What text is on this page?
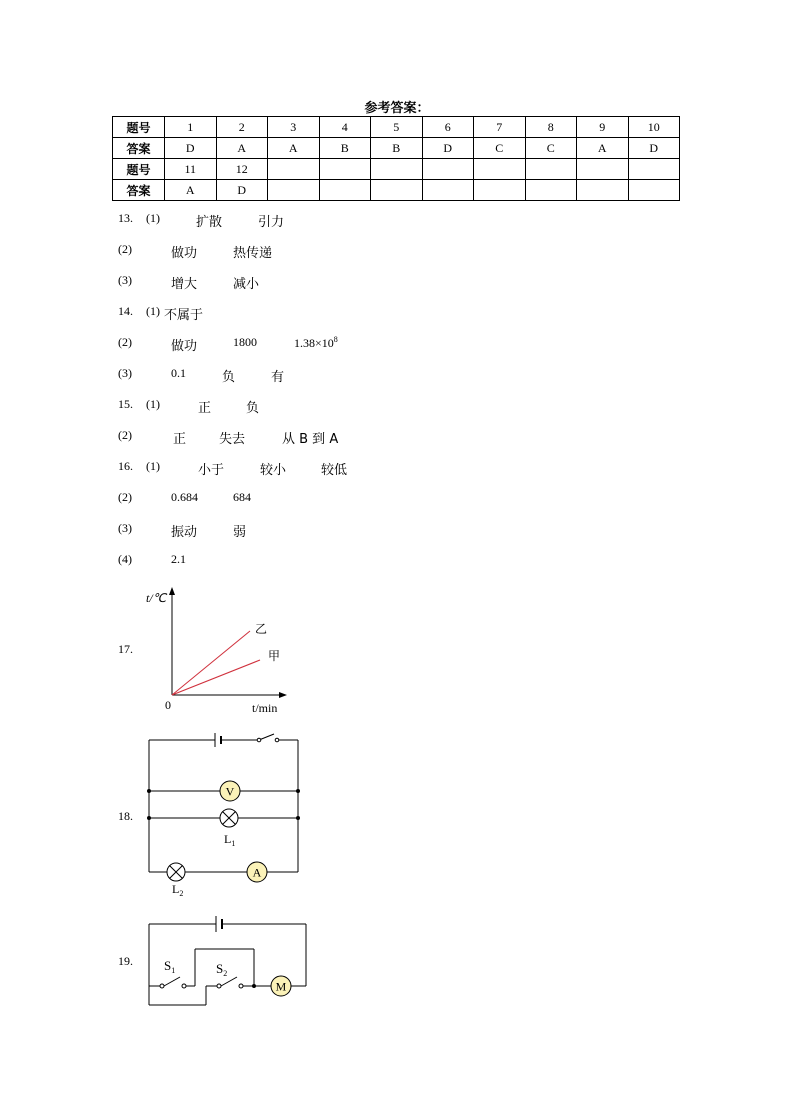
参考答案：
题号	1	2	3	4	5	6	7	8	9	10
答案	D	A	A	B	B	D	C	C	A	D
题号	11	12								
答案	A	D								
13. (1)	扩散	引力
(2)	做功	热传递
(3)	增大	减小
14. (1) 不属于
(2)	做功	1800	$1.38\times 10^8$
(3)	0.1	负	有
15. (1)	正	负
(2)	正	失去	从 B 到 A
16. (1)	小于	较小	较低
(2)	0.684	684
(3)	振动	弱
(4)	2.1
17.
t/℃
t/min
0
乙
甲
18.
V
$L_1$
$L_2$
A
19. $S_1$	$S_2$
M
